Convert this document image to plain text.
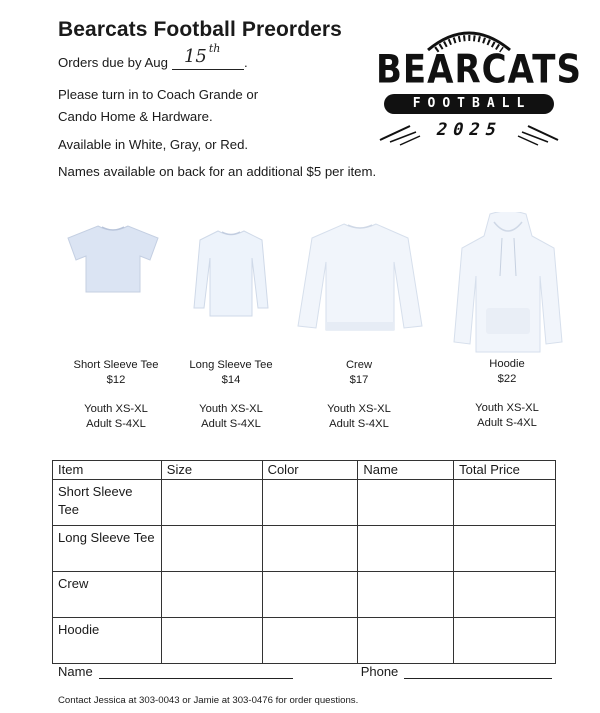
Bearcats Football Preorders
Orders due by Aug 15 $^{th}$
.
Please turn in to Coach Grande or
Cando Home & Hardware.
Available in White, Gray, or Red.
Names available on back for an additional $5 per item.
BEARCATS
FOOTBALL
2025
Short Sleeve Tee
$12
Youth XS-XL
Adult S-4XL
Long Sleeve Tee
$14
Youth XS-XL
Adult S-4XL
Crew
$17
Youth XS-XL
Adult S-4XL
Hoodie
$22
Youth XS-XL
Adult S-4XL
Item	Size	Color	Name	Total Price
Short Sleeve Tee				
Long Sleeve Tee				
Crew				
Hoodie				
Name	Phone
Contact Jessica at 303-0043 or Jamie at 303-0476 for order questions.
